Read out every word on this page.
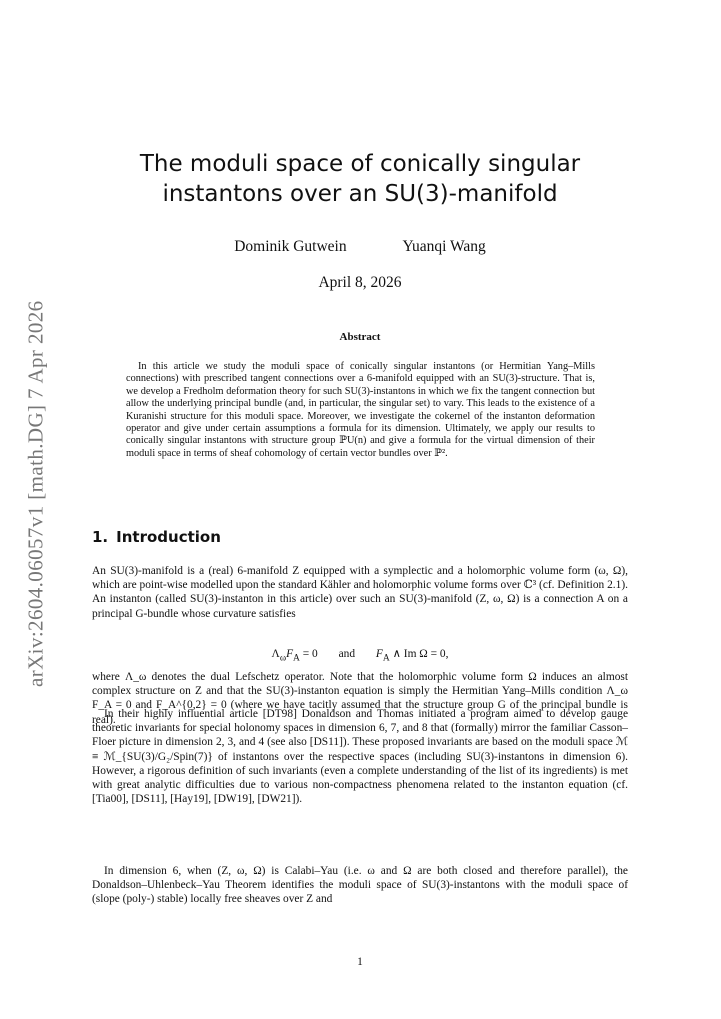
arXiv:2604.06057v1 [math.DG] 7 Apr 2026
The moduli space of conically singular
instantons over an SU(3)-manifold
Dominik Gutwein	Yuanqi Wang
April 8, 2026
Abstract
In this article we study the moduli space of conically singular instantons (or Hermitian Yang–Mills connections) with prescribed tangent connections over a 6-manifold equipped with an SU(3)-structure. That is, we develop a Fredholm deformation theory for such SU(3)-instantons in which we fix the tangent connection but allow the underlying principal bundle (and, in particular, the singular set) to vary. This leads to the existence of a Kuranishi structure for this moduli space. Moreover, we investigate the cokernel of the instanton deformation operator and give under certain assumptions a formula for its dimension. Ultimately, we apply our results to conically singular instantons with structure group ℙU(n) and give a formula for the virtual dimension of their moduli space in terms of sheaf cohomology of certain vector bundles over ℙ².
1. Introduction
An SU(3)-manifold is a (real) 6-manifold Z equipped with a symplectic and a holomorphic volume form (ω, Ω), which are point-wise modelled upon the standard Kähler and holomorphic volume forms over ℂ³ (cf. Definition 2.1). An instanton (called SU(3)-instanton in this article) over such an SU(3)-manifold (Z, ω, Ω) is a connection A on a principal G-bundle whose curvature satisfies
$\Lambda_\omega F_A = 0$ and $F_A$ ∧ Im Ω = 0,
where Λ_ω denotes the dual Lefschetz operator. Note that the holomorphic volume form Ω induces an almost complex structure on Z and that the SU(3)-instanton equation is simply the Hermitian Yang–Mills condition Λ_ω F_A = 0 and F_A^{0,2} = 0 (where we have tacitly assumed that the structure group G of the principal bundle is real).
In their highly influential article [DT98] Donaldson and Thomas initiated a program aimed to develop gauge theoretic invariants for special holonomy spaces in dimension 6, 7, and 8 that (formally) mirror the familiar Casson–Floer picture in dimension 2, 3, and 4 (see also [DS11]). These proposed invariants are based on the moduli space ℳ ≡ ℳ_{SU(3)/G₂/Spin(7)} of instantons over the respective spaces (including SU(3)-instantons in dimension 6). However, a rigorous definition of such invariants (even a complete understanding of the list of its ingredients) is met with great analytic difficulties due to various non-compactness phenomena related to the instanton equation (cf. [Tia00], [DS11], [Hay19], [DW19], [DW21]).
In dimension 6, when (Z, ω, Ω) is Calabi–Yau (i.e. ω and Ω are both closed and therefore parallel), the Donaldson–Uhlenbeck–Yau Theorem identifies the moduli space of SU(3)-instantons with the moduli space of (slope (poly-) stable) locally free sheaves over Z and
1
